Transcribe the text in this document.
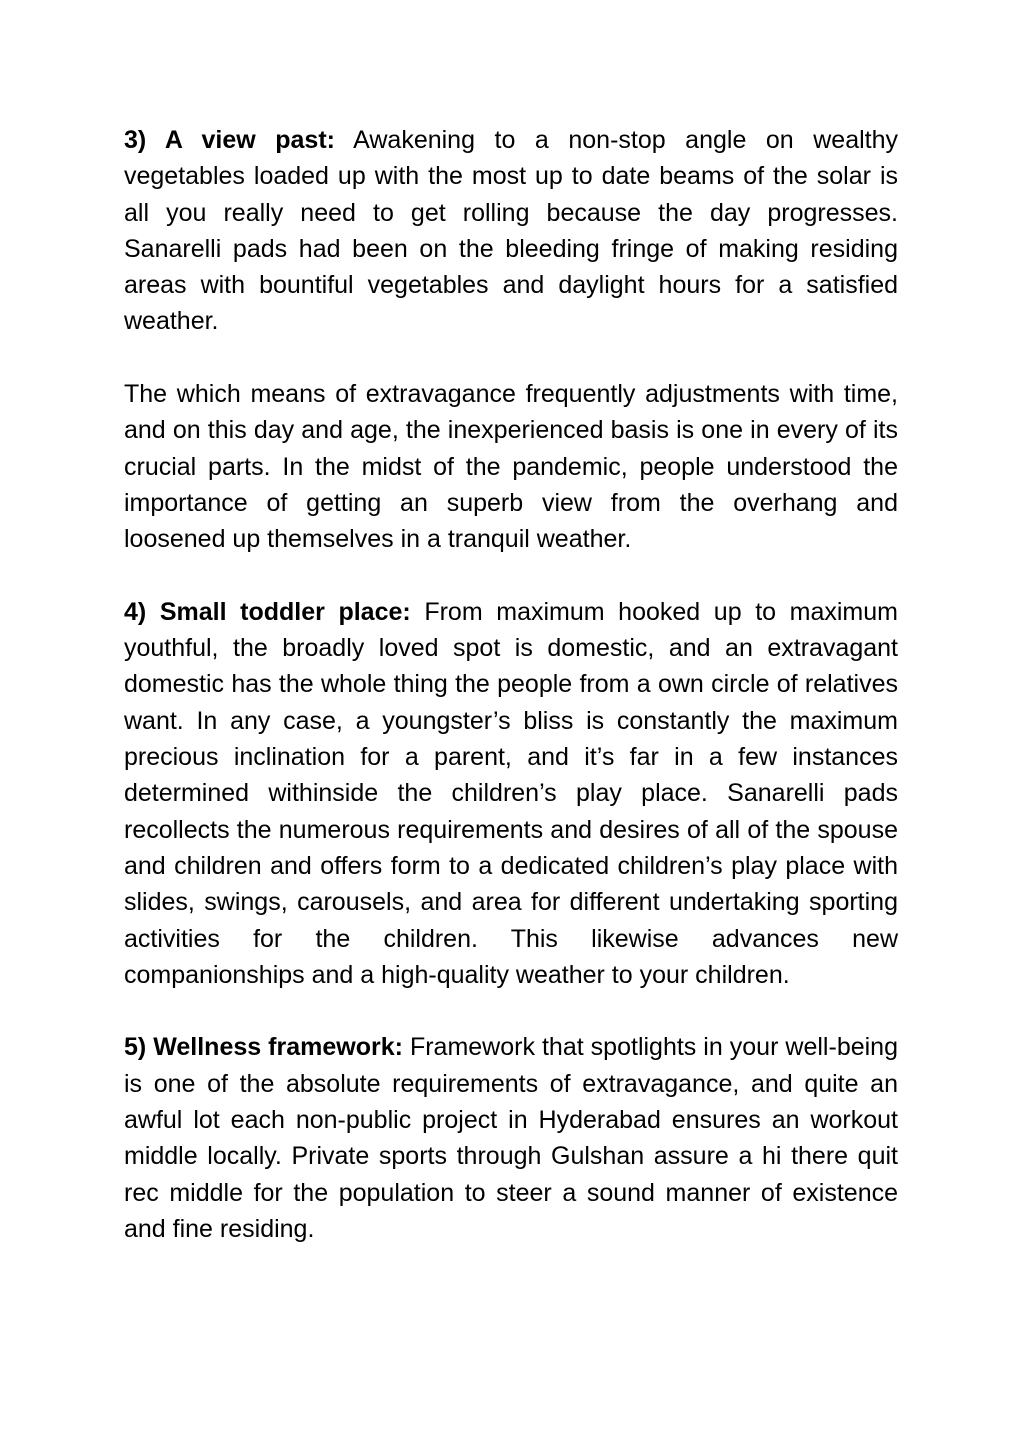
3) A view past: Awakening to a non-stop angle on wealthy vegetables loaded up with the most up to date beams of the solar is all you really need to get rolling because the day progresses. Sanarelli pads had been on the bleeding fringe of making residing areas with bountiful vegetables and daylight hours for a satisfied weather.

The which means of extravagance frequently adjustments with time, and on this day and age, the inexperienced basis is one in every of its crucial parts. In the midst of the pandemic, people understood the importance of getting an superb view from the overhang and loosened up themselves in a tranquil weather.

4) Small toddler place: From maximum hooked up to maximum youthful, the broadly loved spot is domestic, and an extravagant domestic has the whole thing the people from a own circle of relatives want. In any case, a youngster’s bliss is constantly the maximum precious inclination for a parent, and it’s far in a few instances determined withinside the children’s play place. Sanarelli pads recollects the numerous requirements and desires of all of the spouse and children and offers form to a dedicated children’s play place with slides, swings, carousels, and area for different undertaking sporting activities for the children. This likewise advances new companionships and a high-quality weather to your children.

5) Wellness framework: Framework that spotlights in your well-being is one of the absolute requirements of extravagance, and quite an awful lot each non-public project in Hyderabad ensures an workout middle locally. Private sports through Gulshan assure a hi there quit rec middle for the population to steer a sound manner of existence and fine residing.
